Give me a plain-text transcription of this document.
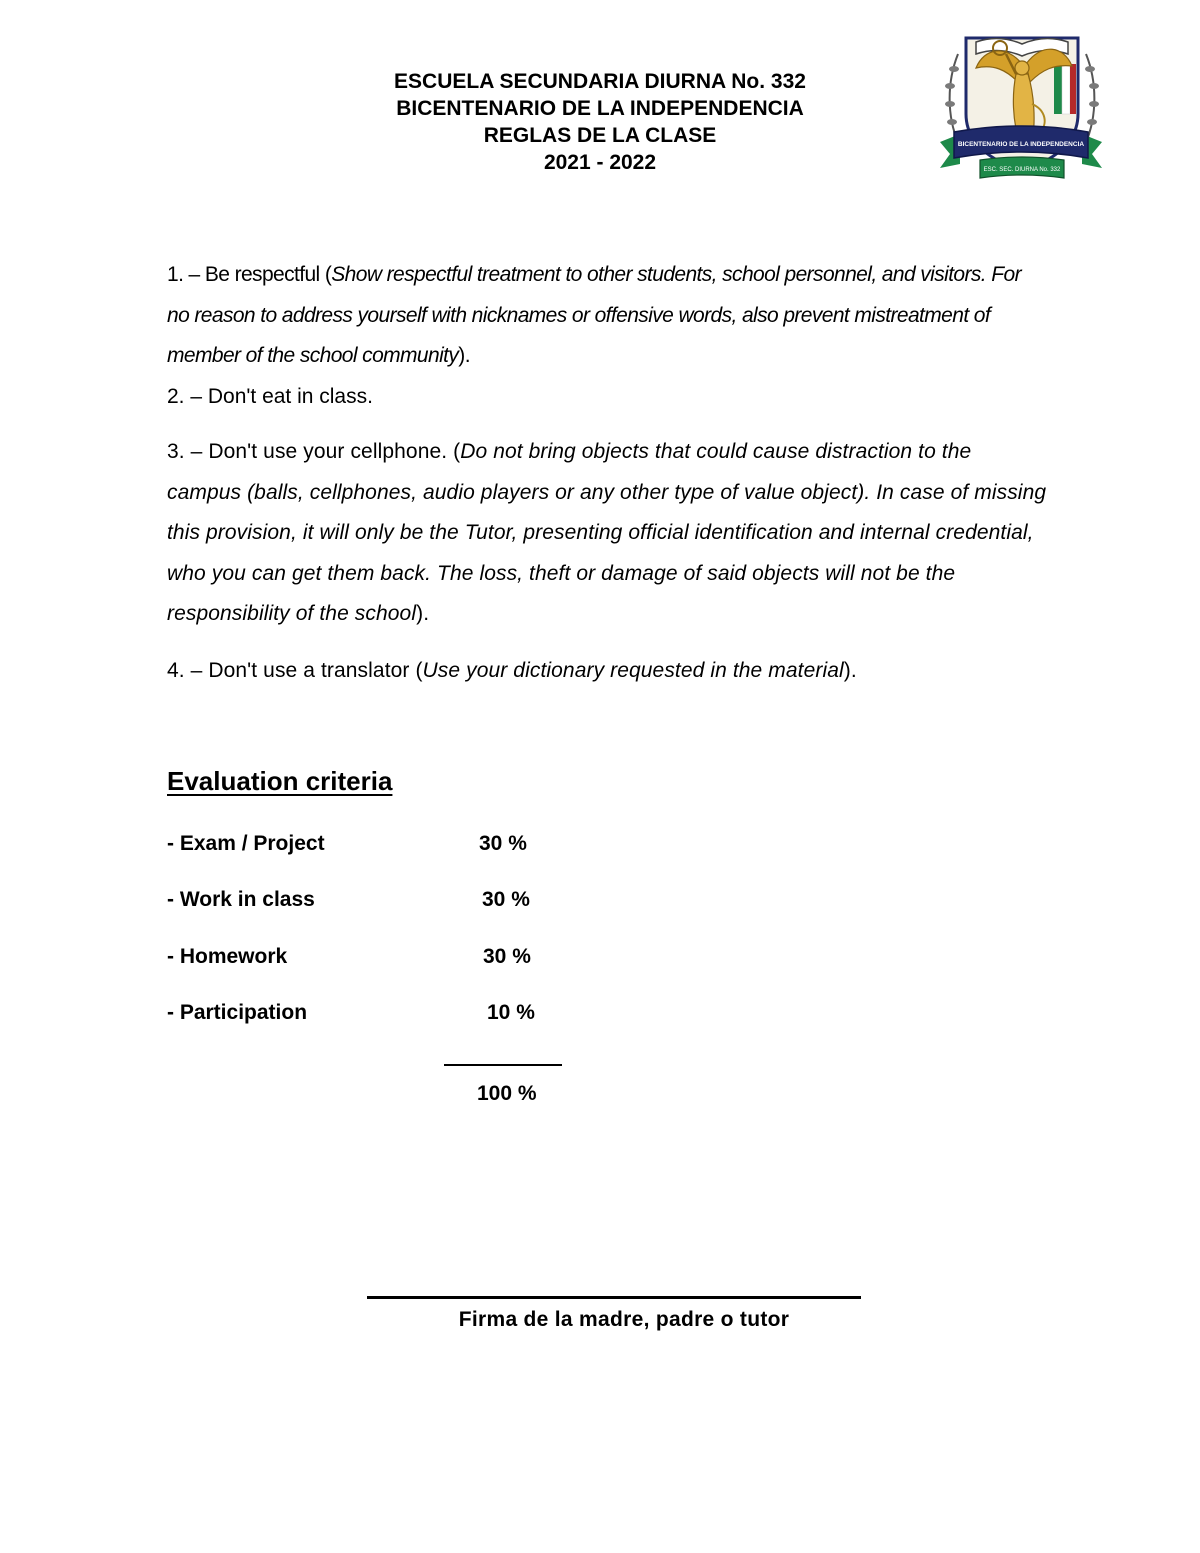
ESCUELA SECUNDARIA DIURNA No. 332
BICENTENARIO DE LA INDEPENDENCIA
REGLAS DE LA CLASE
2021 - 2022
BICENTENARIO DE LA INDEPENDENCIA
ESC. SEC. DIURNA No. 332
1. – Be respectful (Show respectful treatment to other students, school personnel, and visitors. For no reason to address yourself with nicknames or offensive words, also prevent mistreatment of member of the school community).
2. – Don't eat in class.
3. – Don't use your cellphone. (Do not bring objects that could cause distraction to the campus (balls, cellphones, audio players or any other type of value object). In case of missing this provision, it will only be the Tutor, presenting official identification and internal credential, who you can get them back. The loss, theft or damage of said objects will not be the responsibility of the school).
4. – Don't use a translator (Use your dictionary requested in the material).
Evaluation criteria
- Exam / Project	30 %
- Work in class	30 %
- Homework	30 %
- Participation	10 %
100 %
Firma de la madre, padre o tutor
